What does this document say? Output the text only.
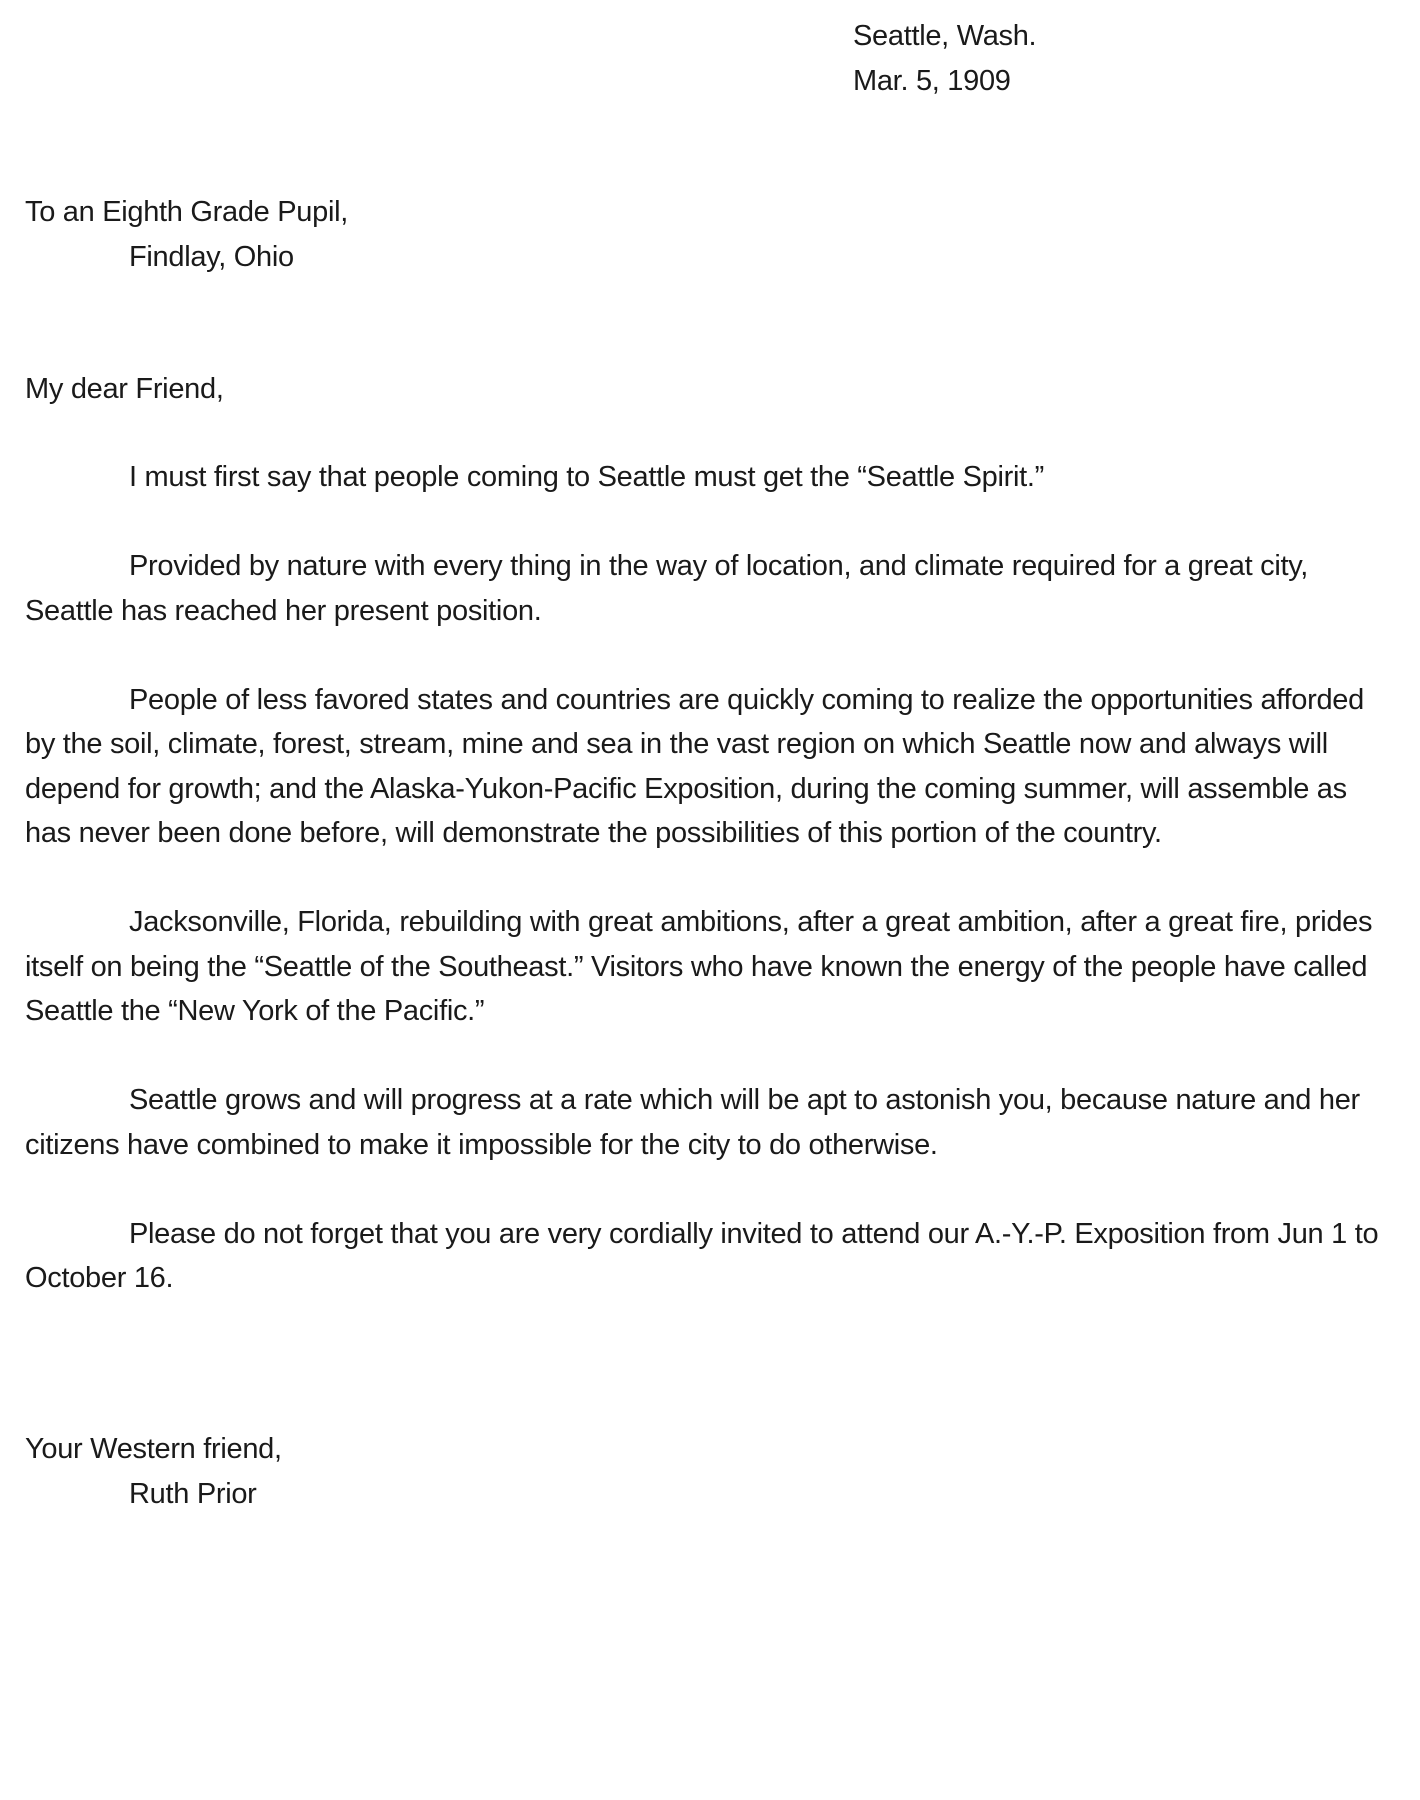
Seattle, Wash.
Mar. 5, 1909
To an Eighth Grade Pupil,
Findlay, Ohio
My dear Friend,

I must first say that people coming to Seattle must get the “Seattle Spirit.”

Provided by nature with every thing in the way of location, and climate required for a great city, Seattle has reached her present position.

People of less favored states and countries are quickly coming to realize the opportunities afforded by the soil, climate, forest, stream, mine and sea in the vast region on which Seattle now and always will depend for growth; and the Alaska-Yukon-Pacific Exposition, during the coming summer, will assemble as has never been done before, will demonstrate the possibilities of this portion of the country.

Jacksonville, Florida, rebuilding with great ambitions, after a great ambition, after a great fire, prides itself on being the “Seattle of the Southeast.” Visitors who have known the energy of the people have called Seattle the “New York of the Pacific.”

Seattle grows and will progress at a rate which will be apt to astonish you, because nature and her citizens have combined to make it impossible for the city to do otherwise.

Please do not forget that you are very cordially invited to attend our A.-Y.-P. Exposition from Jun 1 to October 16.

Your Western friend,
Ruth Prior
